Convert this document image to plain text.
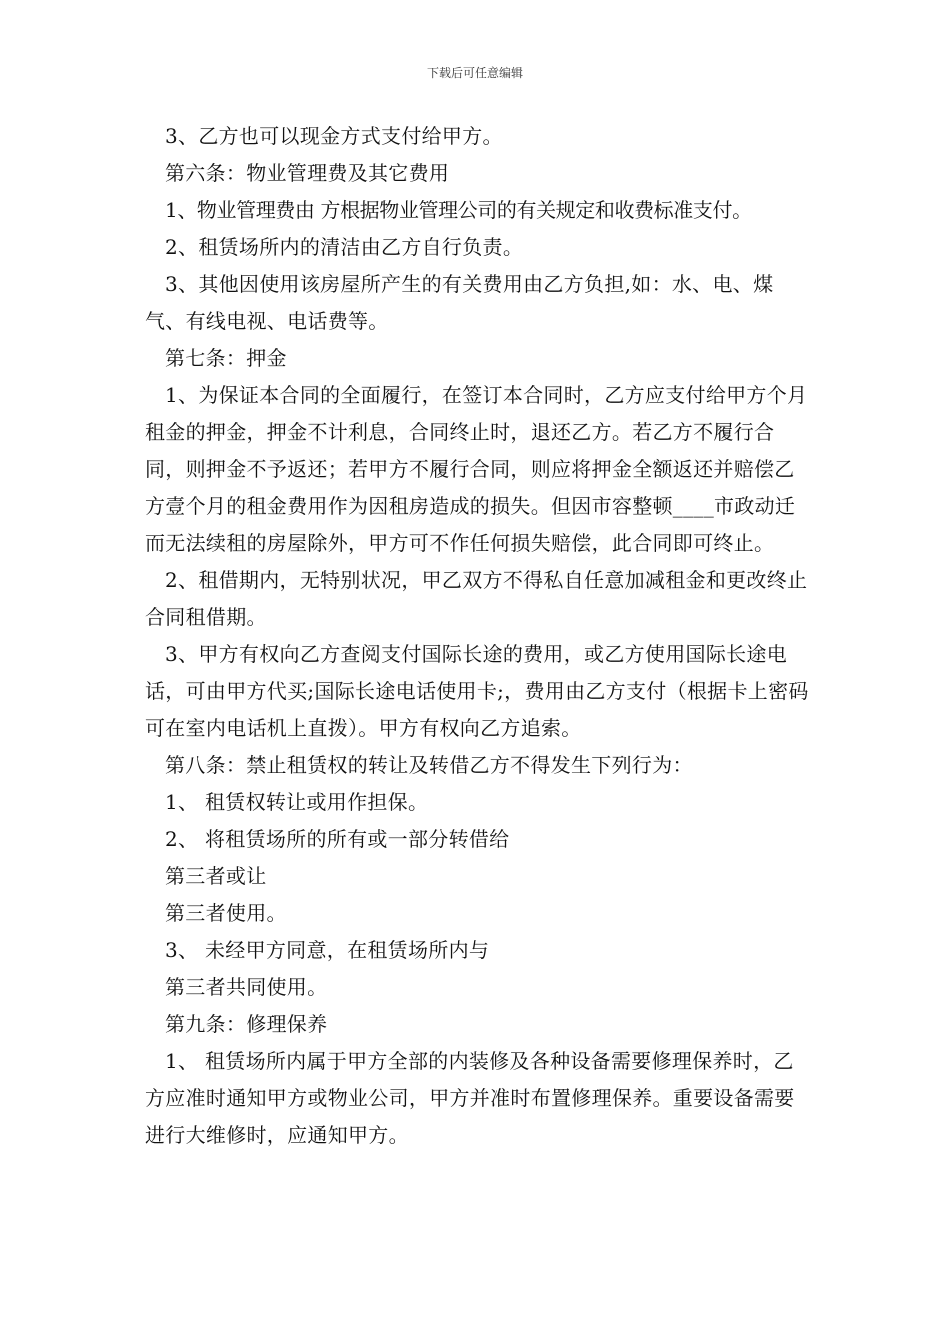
下载后可任意编辑

3、乙方也可以现金方式支付给甲方。

第六条：物业管理费及其它费用

1、物业管理费由 方根据物业管理公司的有关规定和收费标准支付。

2、租赁场所内的清洁由乙方自行负责。

3、其他因使用该房屋所产生的有关费用由乙方负担,如：水、电、煤气、有线电视、电话费等。

第七条：押金

1、为保证本合同的全面履行，在签订本合同时，乙方应支付给甲方个月租金的押金，押金不计利息，合同终止时，退还乙方。若乙方不履行合同，则押金不予返还；若甲方不履行合同，则应将押金全额返还并赔偿乙方壹个月的租金费用作为因租房造成的损失。但因市容整顿____市政动迁而无法续租的房屋除外，甲方可不作任何损失赔偿，此合同即可终止。

2、租借期内，无特别状况，甲乙双方不得私自任意加减租金和更改终止合同租借期。

3、甲方有权向乙方查阅支付国际长途的费用，或乙方使用国际长途电话，可由甲方代买;国际长途电话使用卡;，费用由乙方支付（根据卡上密码可在室内电话机上直拨）。甲方有权向乙方追索。

第八条：禁止租赁权的转让及转借乙方不得发生下列行为：

1、 租赁权转让或用作担保。

2、 将租赁场所的所有或一部分转借给

第三者或让

第三者使用。

3、 未经甲方同意，在租赁场所内与

第三者共同使用。

第九条：修理保养

1、 租赁场所内属于甲方全部的内装修及各种设备需要修理保养时，乙方应准时通知甲方或物业公司，甲方并准时布置修理保养。重要设备需要进行大维修时，应通知甲方。
